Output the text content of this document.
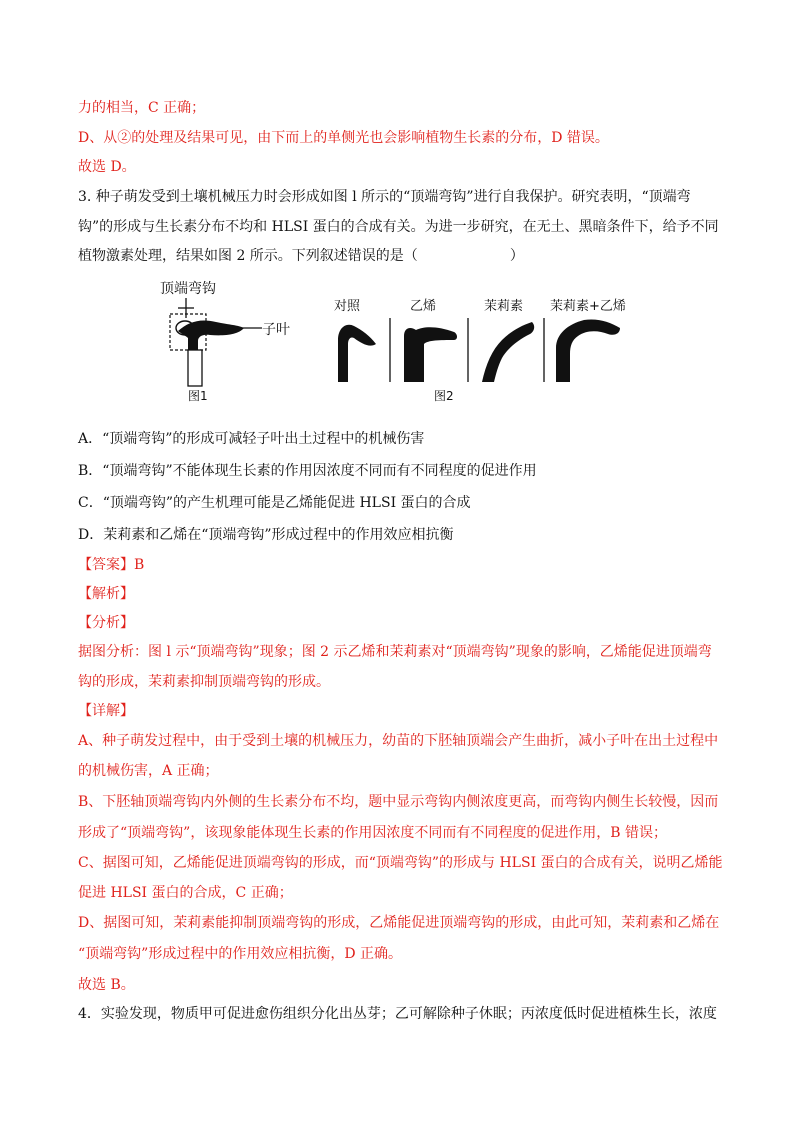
力的相当，C 正确；
D、从②的处理及结果可见，由下而上的单侧光也会影响植物生长素的分布，D 错误。
故选 D。
3. 种子萌发受到土壤机械压力时会形成如图 l 所示的“顶端弯钩”进行自我保护。研究表明，“顶端弯
钩”的形成与生长素分布不均和 HLSI 蛋白的合成有关。为进一步研究，在无土、黑暗条件下，给予不同
植物激素处理，结果如图 2 所示。下列叙述错误的是（	）
顶端弯钩
子叶
图1
对照	乙烯	茉莉素 茉莉素+乙烯
图2
A．“顶端弯钩”的形成可减轻子叶出土过程中的机械伤害
B．“顶端弯钩”不能体现生长素的作用因浓度不同而有不同程度的促进作用
C．“顶端弯钩”的产生机理可能是乙烯能促进 HLSI 蛋白的合成
D．茉莉素和乙烯在“顶端弯钩”形成过程中的作用效应相抗衡
【答案】B
【解析】
【分析】
据图分析：图 l 示“顶端弯钩”现象；图 2 示乙烯和茉莉素对“顶端弯钩”现象的影响，乙烯能促进顶端弯
钩的形成，茉莉素抑制顶端弯钩的形成。
【详解】
A、种子萌发过程中，由于受到土壤的机械压力，幼苗的下胚轴顶端会产生曲折，减小子叶在出土过程中
的机械伤害，A 正确；
B、下胚轴顶端弯钩内外侧的生长素分布不均，题中显示弯钩内侧浓度更高，而弯钩内侧生长较慢，因而
形成了“顶端弯钩”，该现象能体现生长素的作用因浓度不同而有不同程度的促进作用，B 错误；
C、据图可知，乙烯能促进顶端弯钩的形成，而“顶端弯钩”的形成与 HLSI 蛋白的合成有关，说明乙烯能
促进 HLSI 蛋白的合成，C 正确；
D、据图可知，茉莉素能抑制顶端弯钩的形成，乙烯能促进顶端弯钩的形成，由此可知，茉莉素和乙烯在
“顶端弯钩”形成过程中的作用效应相抗衡，D 正确。
故选 B。
4．实验发现，物质甲可促进愈伤组织分化出丛芽；乙可解除种子休眠；丙浓度低时促进植株生长，浓度
